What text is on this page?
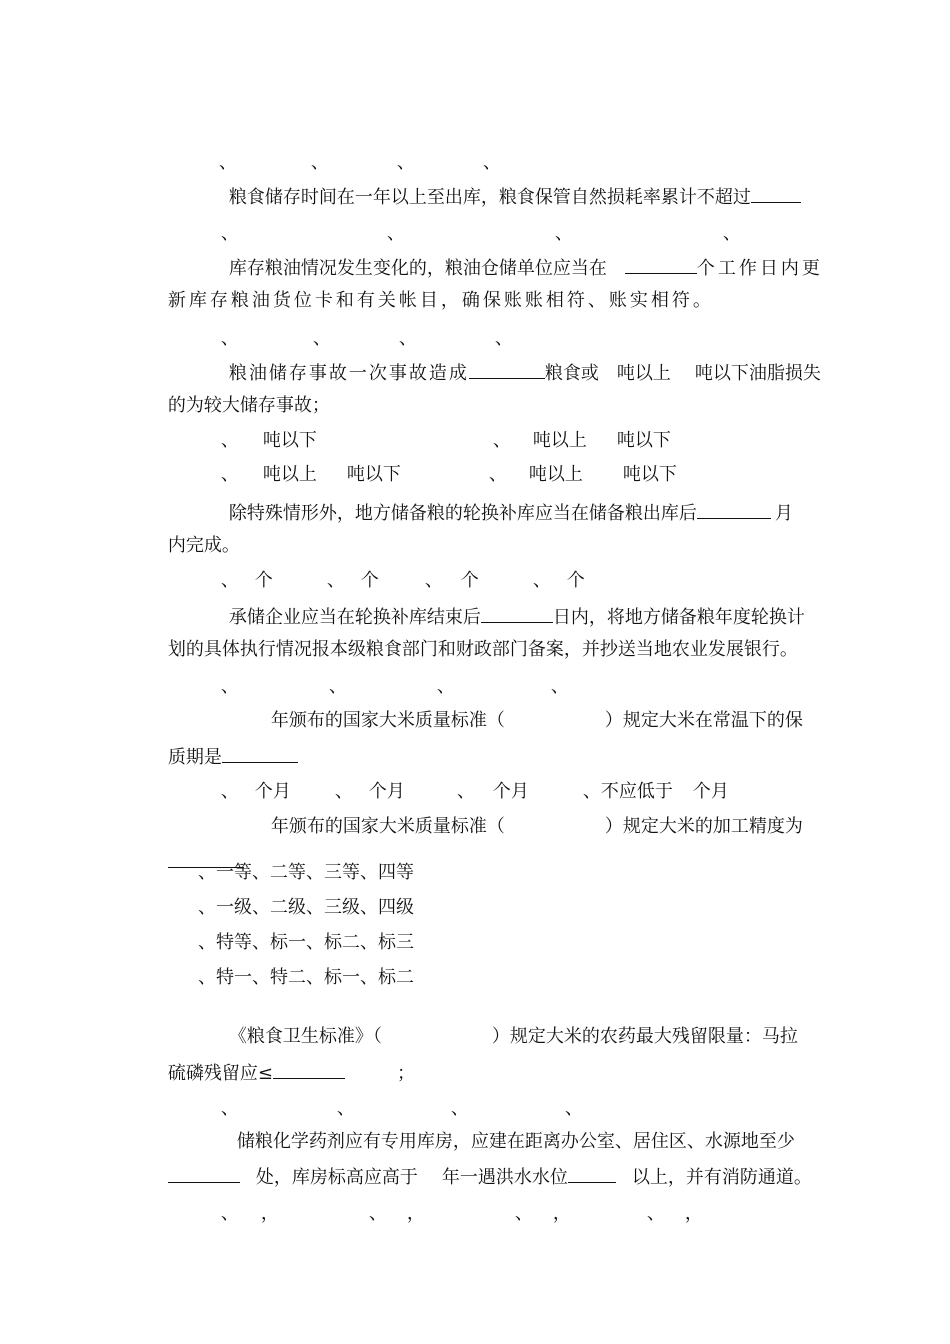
、	、	、	、

粮食储存时间在一年以上至出库，粮食保管自然损耗率累计不超过

、	、	、	、

库存粮油情况发生变化的，粮油仓储单位应当在	个工作日内更

新库存粮油货位卡和有关帐目，确保账账相符、账实相符。

、	、	、	、

粮油储存事故一次事故造成	粮食或 吨以上 吨以下油脂损失

的为较大储存事故；

、 吨以下	、 吨以上 吨以下

、 吨以上 吨以下	、 吨以上 吨以下

除特殊情形外，地方储备粮的轮换补库应当在储备粮出库后	月

内完成。

、 个	、 个	、 个	、 个

承储企业应当在轮换补库结束后	日内，将地方储备粮年度轮换计

划的具体执行情况报本级粮食部门和财政部门备案，并抄送当地农业发展银行。

、	、	、	、

年颁布的国家大米质量标准（	）规定大米在常温下的保

质期是

、 个月 、 个月	、 个月	、不应低于 个月

年颁布的国家大米质量标准（	）规定大米的加工精度为

、一等、二等、三等、四等
、一级、二级、三级、四级
、特等、标一、标二、标三
、特一、特二、标一、标二

《粮食卫生标准》（	）规定大米的农药最大残留限量：马拉

硫磷残留应≤	；

、	、	、	、

储粮化学药剂应有专用库房，应建在距离办公室、居住区、水源地至少

处，库房标高应高于 年一遇洪水水位	以上，并有消防通道。

、 ，	、 ，	、 ，	、 ，
